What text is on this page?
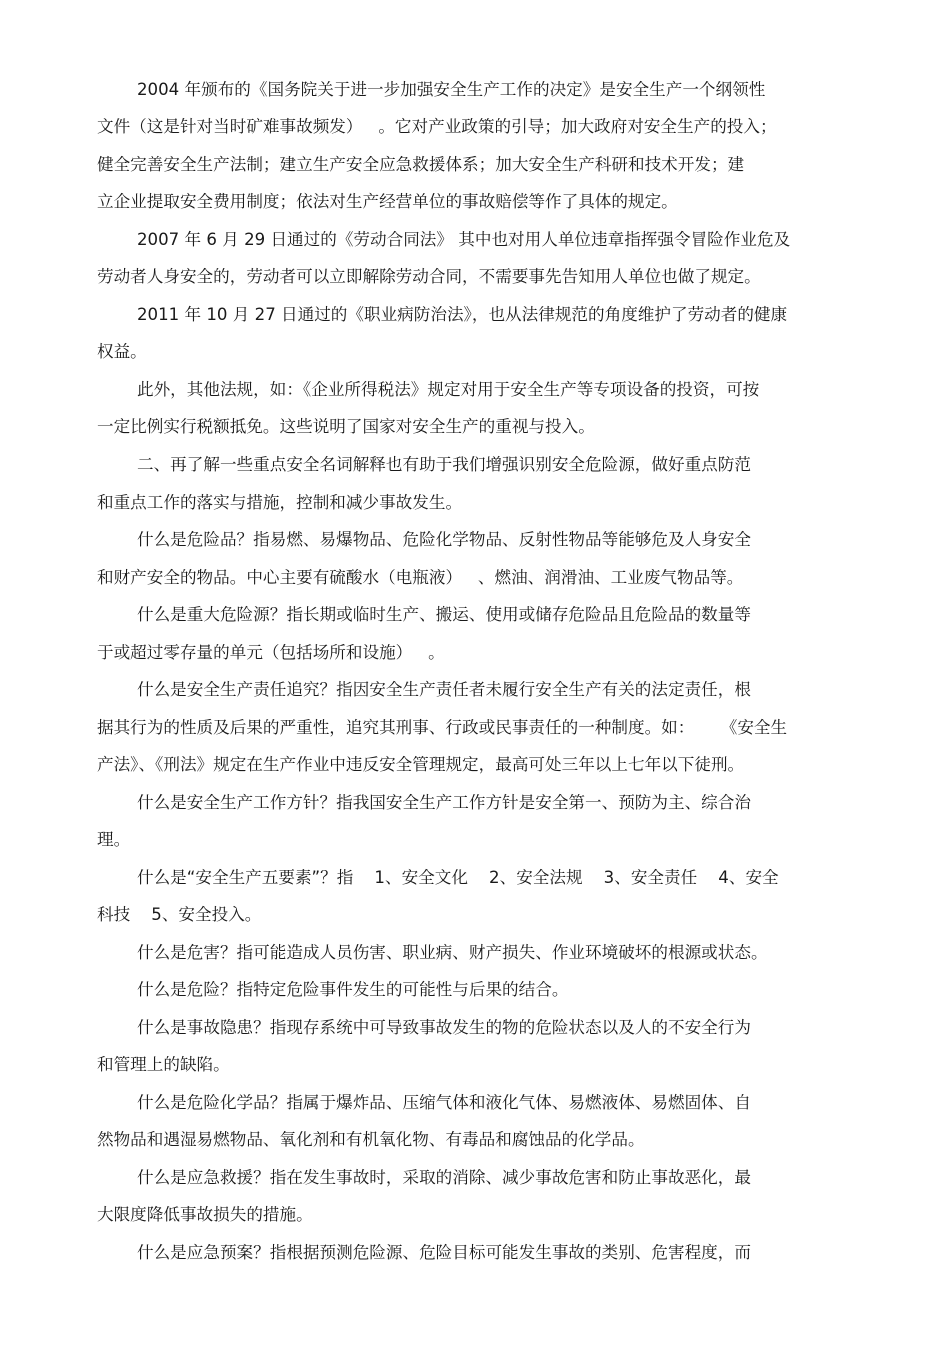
2004 年颁布的《国务院关于进一步加强安全生产工作的决定》是安全生产一个纲领性
文件（这是针对当时矿难事故频发）   。它对产业政策的引导；加大政府对安全生产的投入；
健全完善安全生产法制；建立生产安全应急救援体系；加大安全生产科研和技术开发；建
立企业提取安全费用制度；依法对生产经营单位的事故赔偿等作了具体的规定。
2007 年 6 月 29 日通过的《劳动合同法》 其中也对用人单位违章指挥强令冒险作业危及
劳动者人身安全的，劳动者可以立即解除劳动合同，不需要事先告知用人单位也做了规定。
2011 年 10 月 27 日通过的《职业病防治法》，也从法律规范的角度维护了劳动者的健康
权益。
此外，其他法规，如：《企业所得税法》规定对用于安全生产等专项设备的投资，可按
一定比例实行税额抵免。这些说明了国家对安全生产的重视与投入。
二、再了解一些重点安全名词解释也有助于我们增强识别安全危险源，做好重点防范
和重点工作的落实与措施，控制和减少事故发生。
什么是危险品？指易燃、易爆物品、危险化学物品、反射性物品等能够危及人身安全
和财产安全的物品。中心主要有硫酸水（电瓶液）   、燃油、润滑油、工业废气物品等。
什么是重大危险源？指长期或临时生产、搬运、使用或储存危险品且危险品的数量等
于或超过零存量的单元（包括场所和设施）   。
什么是安全生产责任追究？指因安全生产责任者未履行安全生产有关的法定责任，根
据其行为的性质及后果的严重性，追究其刑事、行政或民事责任的一种制度。如：     《安全生
产法》、《刑法》规定在生产作业中违反安全管理规定，最高可处三年以上七年以下徒刑。
什么是安全生产工作方针？指我国安全生产工作方针是安全第一、预防为主、综合治
理。
什么是“安全生产五要素”？指    1、安全文化    2、安全法规    3、安全责任    4、安全
科技    5、安全投入。
什么是危害？指可能造成人员伤害、职业病、财产损失、作业环境破坏的根源或状态。
什么是危险？指特定危险事件发生的可能性与后果的结合。
什么是事故隐患？指现存系统中可导致事故发生的物的危险状态以及人的不安全行为
和管理上的缺陷。
什么是危险化学品？指属于爆炸品、压缩气体和液化气体、易燃液体、易燃固体、自
然物品和遇湿易燃物品、氧化剂和有机氧化物、有毒品和腐蚀品的化学品。
什么是应急救援？指在发生事故时，采取的消除、减少事故危害和防止事故恶化，最
大限度降低事故损失的措施。
什么是应急预案？指根据预测危险源、危险目标可能发生事故的类别、危害程度，而
